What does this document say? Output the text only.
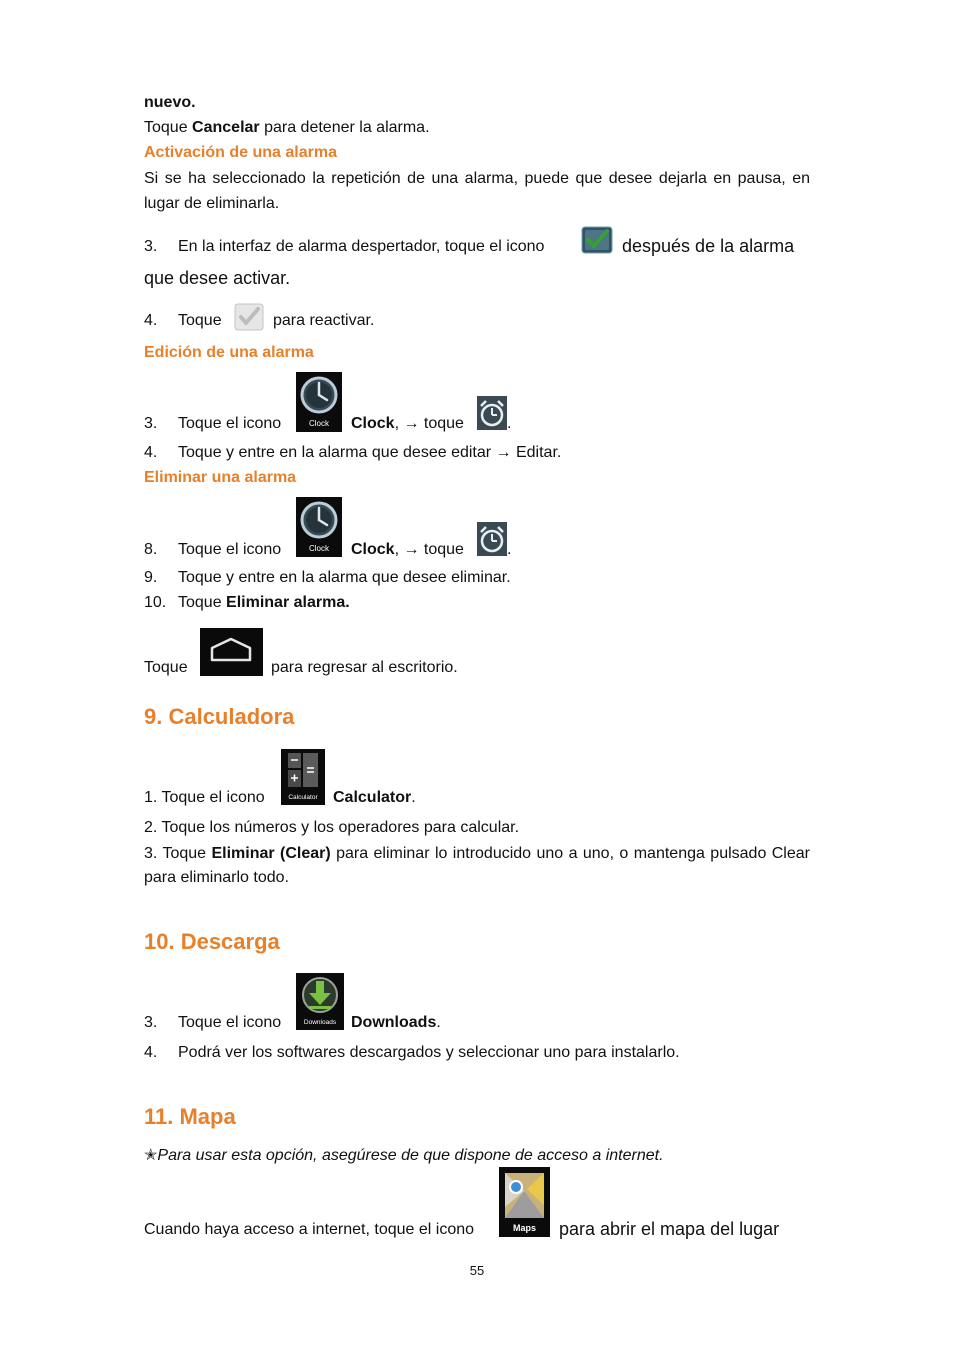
nuevo.
Toque Cancelar para detener la alarma.
Activación de una alarma
Si se ha seleccionado la repetición de una alarma, puede que desee dejarla en pausa, en lugar de eliminarla.
3. En la interfaz de alarma despertador, toque el icono	después de la alarma
que desee activar.
4. Toque	para reactivar.
Edición de una alarma
3. Toque el icono	Clock Clock, → toque	.
4. Toque y entre en la alarma que desee editar → Editar.
Eliminar una alarma
8. Toque el icono	Clock Clock, → toque	.
9. Toque y entre en la alarma que desee eliminar.
10. Toque Eliminar alarma.
Toque	para regresar al escritorio.
9. Calculadora
1. Toque el icono	Calculator Calculator.
2. Toque los números y los operadores para calcular.
3. Toque Eliminar (Clear) para eliminar lo introducido uno a uno, o mantenga pulsado Clear para eliminarlo todo.
10. Descarga
3. Toque el icono	Downloads Downloads.
4. Podrá ver los softwares descargados y seleccionar uno para instalarlo.
11. Mapa
✭Para usar esta opción, asegúrese de que dispone de acceso a internet.
Cuando haya acceso a internet, toque el icono	Maps para abrir el mapa del lugar
55
